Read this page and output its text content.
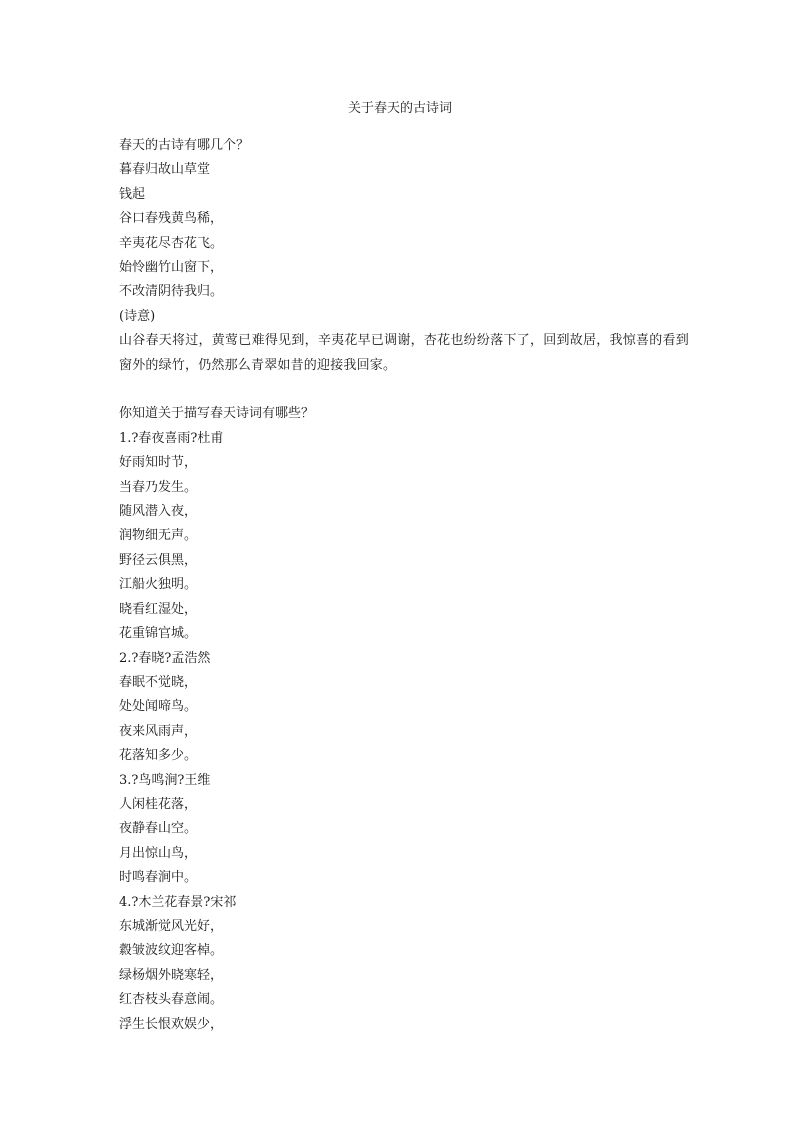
关于春天的古诗词
春天的古诗有哪几个？
暮春归故山草堂
钱起
谷口春残黄鸟稀，
辛夷花尽杏花飞。
始怜幽竹山窗下，
不改清阴待我归。
(诗意)
山谷春天将过，黄莺已难得见到，辛夷花早已调谢，杏花也纷纷落下了，回到故居，我惊喜的看到窗外的绿竹，仍然那么青翠如昔的迎接我回家。
你知道关于描写春天诗词有哪些？
1.?春夜喜雨?杜甫
好雨知时节，
当春乃发生。
随风潜入夜，
润物细无声。
野径云俱黑，
江船火独明。
晓看红湿处，
花重锦官城。
2.?春晓?孟浩然
春眠不觉晓，
处处闻啼鸟。
夜来风雨声，
花落知多少。
3.?鸟鸣涧?王维
人闲桂花落，
夜静春山空。
月出惊山鸟，
时鸣春涧中。
4.?木兰花春景?宋祁
东城渐觉风光好，
縠皱波纹迎客棹。
绿杨烟外晓寒轻，
红杏枝头春意闹。
浮生长恨欢娱少，
